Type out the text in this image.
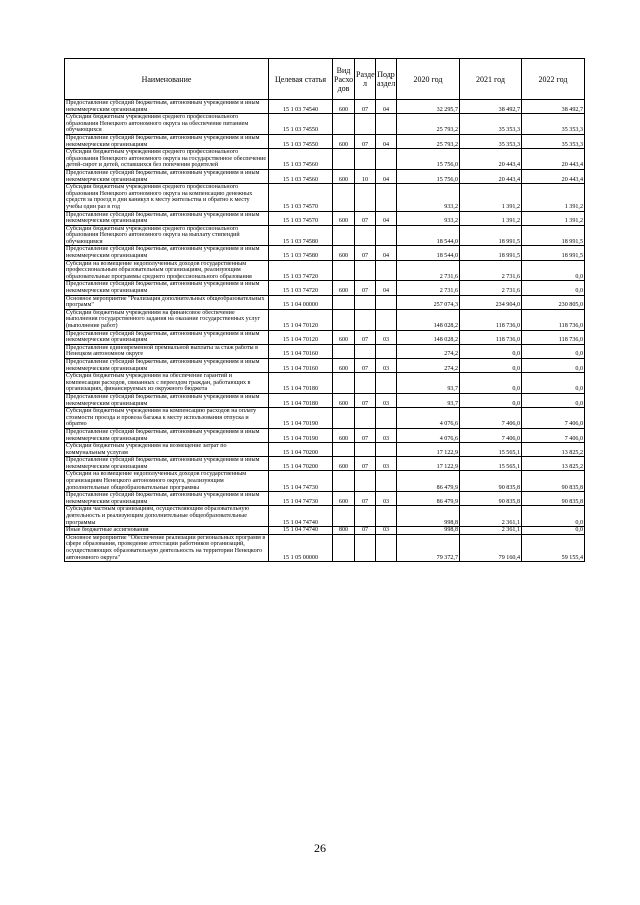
Наименование	Целевая статья	Вид Расхо дов	Разде л	Подр аздел	2020 год	2021 год	2022 год
Предоставление субсидий бюджетным, автономным учреждениям и иным некоммерческим организациям	15 1 03 74540	600	07	04	32 295,7	38 492,7	38 492,7
Субсидии бюджетным учреждениям среднего профессионального образования Ненецкого автономного округа на обеспечение питанием обучающихся	15 1 03 74550				25 793,2	35 353,3	35 353,3
Предоставление субсидий бюджетным, автономным учреждениям и иным некоммерческим организациям	15 1 03 74550	600	07	04	25 793,2	35 353,3	35 353,3
Субсидии бюджетным учреждениям среднего профессионального образования Ненецкого автономного округа на государственное обеспечение детей-сирот и детей, оставшихся без попечения родителей	15 1 03 74560				15 756,0	20 443,4	20 443,4
Предоставление субсидий бюджетным, автономным учреждениям и иным некоммерческим организациям	15 1 03 74560	600	10	04	15 756,0	20 443,4	20 443,4
Субсидии бюджетным учреждениям среднего профессионального образования Ненецкого автономного округа на компенсацию денежных средств за проезд в дни каникул к месту жительства и обратно к месту учебы один раз в год	15 1 03 74570				933,2	1 391,2	1 391,2
Предоставление субсидий бюджетным, автономным учреждениям и иным некоммерческим организациям	15 1 03 74570	600	07	04	933,2	1 391,2	1 391,2
Субсидии бюджетным учреждениям среднего профессионального образования Ненецкого автономного округа на выплату стипендий обучающимся	15 1 03 74580				18 544,0	18 991,5	18 991,5
Предоставление субсидий бюджетным, автономным учреждениям и иным некоммерческим организациям	15 1 03 74580	600	07	04	18 544,0	18 991,5	18 991,5
Субсидии на возмещение недополученных доходов государственным профессиональным образовательным организациям, реализующим образовательные программы среднего профессионального образования	15 1 03 74720				2 731,6	2 731,6	0,0
Предоставление субсидий бюджетным, автономным учреждениям и иным некоммерческим организациям	15 1 03 74720	600	07	04	2 731,6	2 731,6	0,0
Основное мероприятие "Реализация дополнительных общеобразовательных программ"	15 1 04 00000				257 074,3	234 904,0	230 805,0
Субсидии бюджетным учреждениям на финансовое обеспечение выполнения государственного задания на оказание государственных услуг (выполнение работ)	15 1 04 70120				148 028,2	118 736,0	118 736,0
Предоставление субсидий бюджетным, автономным учреждениям и иным некоммерческим организациям	15 1 04 70120	600	07	03	148 028,2	118 736,0	118 736,0
Предоставление единовременной премиальной выплаты за стаж работы в Ненецком автономном округе	15 1 04 70160				274,2	0,0	0,0
Предоставление субсидий бюджетным, автономным учреждениям и иным некоммерческим организациям	15 1 04 70160	600	07	03	274,2	0,0	0,0
Субсидии бюджетным учреждениям на обеспечение гарантий и компенсации расходов, связанных с переездом граждан, работающих в организациях, финансируемых из окружного бюджета	15 1 04 70180				93,7	0,0	0,0
Предоставление субсидий бюджетным, автономным учреждениям и иным некоммерческим организациям	15 1 04 70180	600	07	03	93,7	0,0	0,0
Субсидии бюджетным учреждениям на компенсацию расходов на оплату стоимости проезда и провоза багажа к месту использования отпуска и обратно	15 1 04 70190				4 076,6	7 406,0	7 406,0
Предоставление субсидий бюджетным, автономным учреждениям и иным некоммерческим организациям	15 1 04 70190	600	07	03	4 076,6	7 406,0	7 406,0
Субсидии бюджетным учреждениям на возмещение затрат по коммунальным услугам	15 1 04 70200				17 122,9	15 565,1	13 825,2
Предоставление субсидий бюджетным, автономным учреждениям и иным некоммерческим организациям	15 1 04 70200	600	07	03	17 122,9	15 565,1	13 825,2
Субсидии на возмещение недополученных доходов государственным организациям Ненецкого автономного округа, реализующим дополнительные общеобразовательные программы	15 1 04 74730				86 479,9	90 835,8	90 835,8
Предоставление субсидий бюджетным, автономным учреждениям и иным некоммерческим организациям	15 1 04 74730	600	07	03	86 479,9	90 835,8	90 835,8
Субсидии частным организациям, осуществляющим образовательную деятельность и реализующим дополнительные общеобразовательные программы	15 1 04 74740				998,8	2 361,1	0,0
Иные бюджетные ассигнования	15 1 04 74740	800	07	03	998,8	2 361,1	0,0
Основное мероприятие "Обеспечение реализации региональных программ в сфере образования, проведение аттестации работников организаций, осуществляющих образовательную деятельность на территории Ненецкого автономного округа"	15 1 05 00000				79 372,7	79 160,4	59 155,4
26
